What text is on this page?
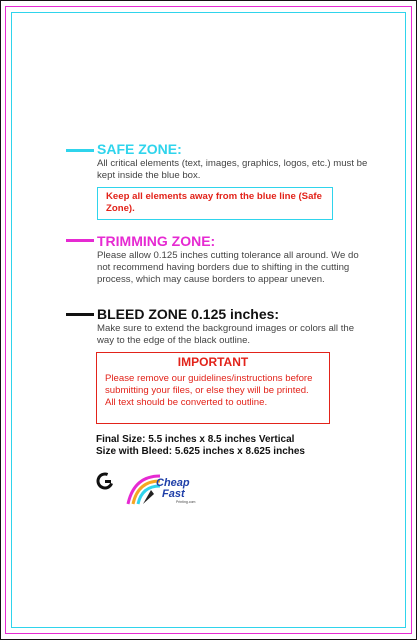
SAFE ZONE:
All critical elements (text, images, graphics, logos, etc.) must be kept inside the blue box.
Keep all elements away from the blue line (Safe Zone).
TRIMMING ZONE:
Please allow 0.125 inches cutting tolerance all around. We do not recommend having borders due to shifting in the cutting process, which may cause borders to appear uneven.
BLEED ZONE 0.125 inches:
Make sure to extend the background images or colors all the way to the edge of the black outline.
IMPORTANT
Please remove our guidelines/instructions before submitting your files, or else they will be printed. All text should be converted to outline.
Final Size: 5.5 inches x 8.5 inches Vertical
Size with Bleed: 5.625 inches x 8.625 inches
Cheap
Fast
Printing.com
